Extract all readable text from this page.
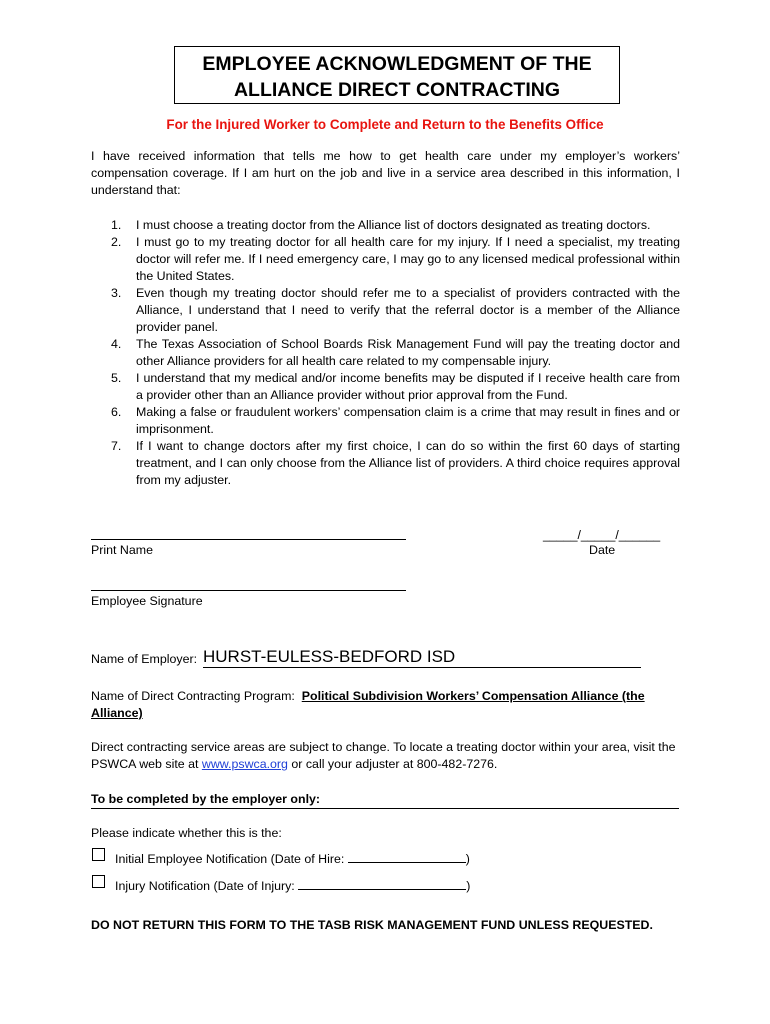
EMPLOYEE ACKNOWLEDGMENT OF THE
ALLIANCE DIRECT CONTRACTING
For the Injured Worker to Complete and Return to the Benefits Office
I have received information that tells me how to get health care under my employer’s workers’ compensation coverage. If I am hurt on the job and live in a service area described in this information, I understand that:
1. I must choose a treating doctor from the Alliance list of doctors designated as treating doctors.
2. I must go to my treating doctor for all health care for my injury. If I need a specialist, my treating doctor will refer me. If I need emergency care, I may go to any licensed medical professional within the United States.
3. Even though my treating doctor should refer me to a specialist of providers contracted with the Alliance, I understand that I need to verify that the referral doctor is a member of the Alliance provider panel.
4. The Texas Association of School Boards Risk Management Fund will pay the treating doctor and other Alliance providers for all health care related to my compensable injury.
5. I understand that my medical and/or income benefits may be disputed if I receive health care from a provider other than an Alliance provider without prior approval from the Fund.
6. Making a false or fraudulent workers’ compensation claim is a crime that may result in fines and or imprisonment.
7. If I want to change doctors after my first choice, I can do so within the first 60 days of starting treatment, and I can only choose from the Alliance list of providers. A third choice requires approval from my adjuster.
Print Name
_____/_____/______
Date
Employee Signature
Name of Employer: HURST-EULESS-BEDFORD ISD
Name of Direct Contracting Program: Political Subdivision Workers’ Compensation Alliance (the Alliance)
Direct contracting service areas are subject to change. To locate a treating doctor within your area, visit the PSWCA web site at www.pswca.org or call your adjuster at 800-482-7276.
To be completed by the employer only:
Please indicate whether this is the:
Initial Employee Notification (Date of Hire:	)
Injury Notification (Date of Injury:	)
DO NOT RETURN THIS FORM TO THE TASB RISK MANAGEMENT FUND UNLESS REQUESTED.
